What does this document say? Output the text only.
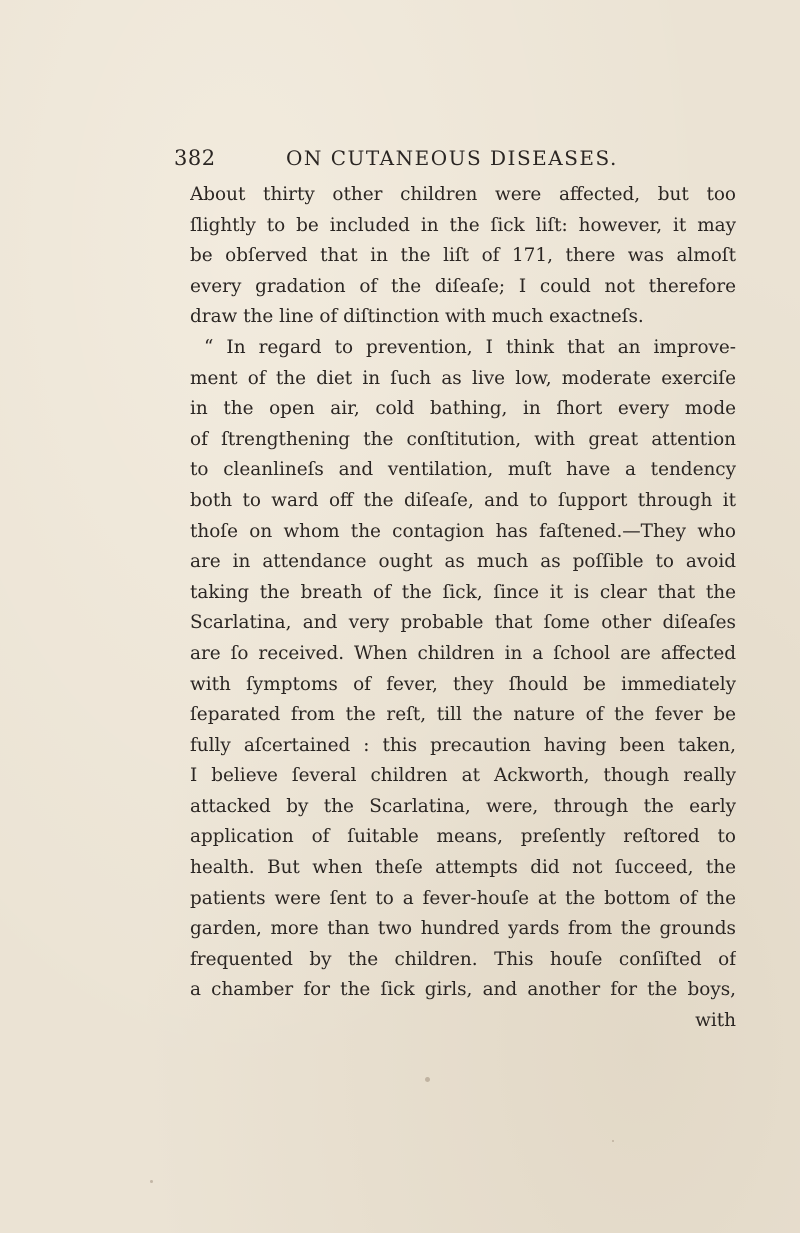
382	ON CUTANEOUS DISEASES.
About thirty other children were affected, but too
ſlightly to be included in the ſick liſt: however, it may
be obſerved that in the liſt of 171, there was almoſt
every gradation of the diſeaſe; I could not therefore
draw the line of diſtinction with much exactneſs.
“ In regard to prevention, I think that an improve-
ment of the diet in ſuch as live low, moderate exerciſe
in the open air, cold bathing, in ſhort every mode
of ſtrengthening the conſtitution, with great attention
to cleanlineſs and ventilation, muſt have a tendency
both to ward off the diſeaſe, and to ſupport through it
thoſe on whom the contagion has faſtened.—They who
are in attendance ought as much as poſſible to avoid
taking the breath of the ſick, ſince it is clear that the
Scarlatina, and very probable that ſome other diſeaſes
are ſo received. When children in a ſchool are affected
with ſymptoms of fever, they ſhould be immediately
ſeparated from the reſt, till the nature of the fever be
fully aſcertained : this precaution having been taken,
I believe ſeveral children at Ackworth, though really
attacked by the Scarlatina, were, through the early
application of ſuitable means, preſently reſtored to
health. But when theſe attempts did not ſucceed, the
patients were ſent to a fever-houſe at the bottom of the
garden, more than two hundred yards from the grounds
frequented by the children. This houſe conſiſted of
a chamber for the ſick girls, and another for the boys,
with
